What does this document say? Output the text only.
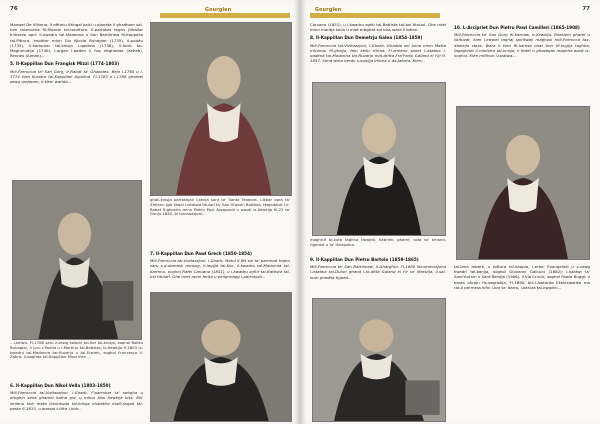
76	Gourglen

Manwel De Vilhena, li offrielu Ittingal kalci u pjaneta li ghadhom sal-lum mizmuma fil-Muzew tal-Iskultura. Il-parrokat teghu jithallar b'diversi opri: il-kwadru tal-Madonna u San Bartilmew fil-Kappella tal-Pittura, impitter minn Giu Nicola Buhagiar (1735), il-pulptu (1735), il-kampnar tal-knisja l-qadima (1738), il-fonti tal-Maghmudija (1740), l-organ l-qadim li fuq nitghadda (Xeheb), Rennes (Alman)...

5. Il-Kappillan Dun Frangisk Mizzi (1774-1803)

Mill-Parroccia ta' San Gorg, ir-Rabat ta' Ghawdex. Bejn l-1765 u l-1774 kien Kuratur tal-Kappillan Agullina. Fl-1783 u l-1788 ghamel zewg qrejepen, ir-tieni wahda...

...l-kelwu. Fl-1788 saru z-zewg kwadri tal-fior tal-knisja, xoghol Rokku Buhagiar, li juru t-Twelid u l-Martirju tal-Battista; ix-Xewkija fl-1803 ix-kwadru tal-Madonna tar-Ruzarju u tal-Erwieh, xoghol Francesco V. Zahra. Il-qaghda tal-Kappillan Mizzi kien ...
6. Il-Kappillan Dun Nikol Vella (1803-1850)

Mill-Parroccia tal-Vizitazzjoni, l-Gharb. F'parrokat ta' sebgha u erbghin sena ghamel hafna gid, u mhux biss Xewkija biss. Ma' zmienu kbir meta ikkonkuda tal-knisja nhalatfra malli-faqad tal-pesta fl-1813, u wassal t-tifra l-kbir...

ghall-knisja parrokkjali l-kenja sant ta' Santa Teodora, l-ikbar opra ta' Zmienu ijjar tbqal l-istatwa titulari ta' San Giwann Battista, tkapubbut l-ir-Rabat fl-ghoxrin minn Pietru Paul Azzopardi u wasal ix-Xewkija fil-22 ta' Gunju 1840, bi transazzjoni...
7. Il-Kappillan Dun Pawl Grech (1850-1854)

Mill-Parroccia tal-Vizitazzjoni, l-Gharb. Matul il-fitt sni ta' parrokat teghu saru s-d-damask minsug, il-legijja tal-Koc, il-kwadru tal-Madonna tal-Karmnu, xoghol Rafel Caruana (1851), u l-kwadru zgħir tal-Battista tal-bxi titulari. Ghe miet minn ferita u pellgrinagg l-parrokjali...

77
Gourglen

Caruana (1851), u l-kwadru zghir tal-Battista tal-bxi titulari. Ghe miet minn mardja kolla u miet erbghat sni biss wara li bdiex.

8. Il-Kappillan Dun Demetrju Galea (1854-1859)

Mill-Parroccia tal-Vizitazzjoni, l-Gharb. Ghadda sni bona minn Matta miczoqu fil-ghejja, fejn kellu rthma. Fl-zmienu sanet l-istatwa l-qadima tal-Madonna tar-Ruzarju mid-dritta Fra'Paolo Galand el Fiji fl-1857. Sena wara berdu s-sqrjijja Irlibira u da-Jabota. Kien...

maghruf bl-kuta taghha tiwajeb, habriek, gharef, sida ta' kmand, rigorozt u ta' dixxiplina.
9. Il-Kappillan Dun Pietru Bartolo (1859-1865)

Mill-Parroccia ta' San Bartilmew, il-Ghargħur. Fl-1860 ikkummissjona l-istatwa tal-Duluri ghand l-id-ditta Galand el Fir ta' Marsilja. Il-sal-kum ghadha tigbed...

10. L-Arcipriet Dun Pietru Pawl Camilleri (1865-1908)

Mill-Parroccia ta' San Gorg fil-Karnaw, ir-Xewkija. Bnesiem gharef u istituzat, kien l-ewwel raghaj spiritwali maghzul mill-Parrocca tax-Xewkija stess. Wara li kien fil-hamsa ohar bnri fil-ingjija taghha, fagaghhet il-ministra tal-knisja, li fedel u ghazaqas maghha waqt ix-xoghol. Kien mifthun l-Istatwa...

tal-lima mberk, u pittura tal-kappla, l-erba' Evangelisti u z-zewg kwadri tal-kenija, xoghol Giovanni Gallucci (1882); l-istatwi ta' Sant'Antnin u Sant'Rendja (1906), il-Via Crucis, xoghol Pawla Buggi; u bosta ohrajn fis-sagristija. Fl-1890, bill-l-Awtorita Ekklezjastika ma rat-il permess kifni l-kar ta' barra, l-kaniza tal-kwadru...
